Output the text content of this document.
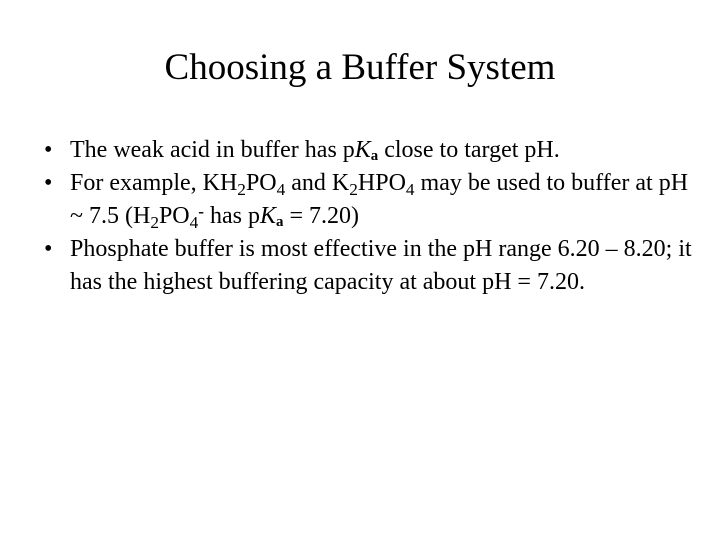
Choosing a Buffer System
• The weak acid in buffer has pKa close to target pH.
• For example, $KH_2PO_4$ and $K_2HPO_4$ may be used to buffer at pH ~ 7.5 ($H_2PO_4^-$ has pKa = 7.20)
• Phosphate buffer is most effective in the pH range 6.20 – 8.20; it has the highest buffering capacity at about pH = 7.20.
